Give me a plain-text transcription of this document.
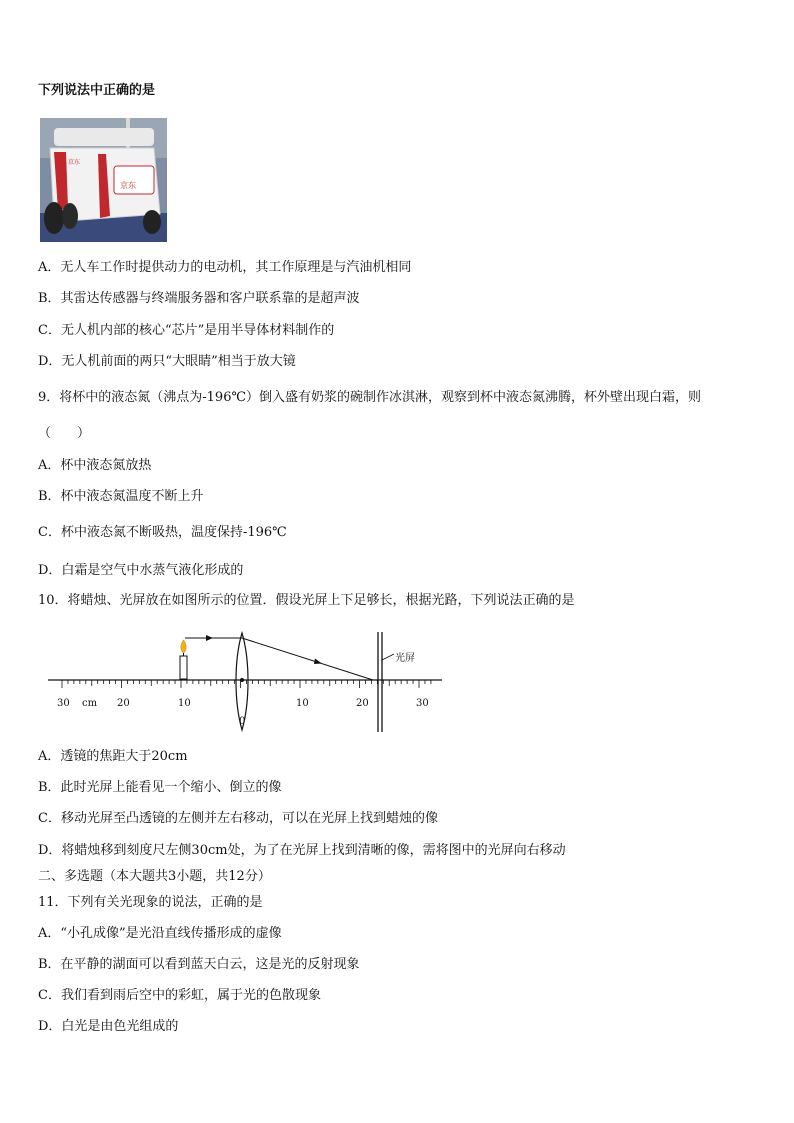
下列说法中正确的是
京东
京东
A．无人车工作时提供动力的电动机，其工作原理是与汽油机相同
B．其雷达传感器与终端服务器和客户联系靠的是超声波
C．无人机内部的核心“芯片”是用半导体材料制作的
D．无人机前面的两只“大眼睛”相当于放大镜
9．将杯中的液态氮（沸点为-196℃）倒入盛有奶浆的碗制作冰淇淋，观察到杯中液态氮沸腾，杯外壁出现白霜，则
（　　）
A．杯中液态氮放热
B．杯中液态氮温度不断上升
C．杯中液态氮不断吸热，温度保持-196℃
D．白霜是空气中水蒸气液化形成的
10．将蜡烛、光屏放在如图所示的位置．假设光屏上下足够长，根据光路，下列说法正确的是
30 cm 20	10
0
10	20	30
光屏
A．透镜的焦距大于20cm
B．此时光屏上能看见一个缩小、倒立的像
C．移动光屏至凸透镜的左侧并左右移动，可以在光屏上找到蜡烛的像
D．将蜡烛移到刻度尺左侧30cm处，为了在光屏上找到清晰的像，需将图中的光屏向右移动
二、多选题（本大题共3小题，共12分）
11．下列有关光现象的说法，正确的是
A．“小孔成像”是光沿直线传播形成的虚像
B．在平静的湖面可以看到蓝天白云，这是光的反射现象
C．我们看到雨后空中的彩虹，属于光的色散现象
D．白光是由色光组成的
